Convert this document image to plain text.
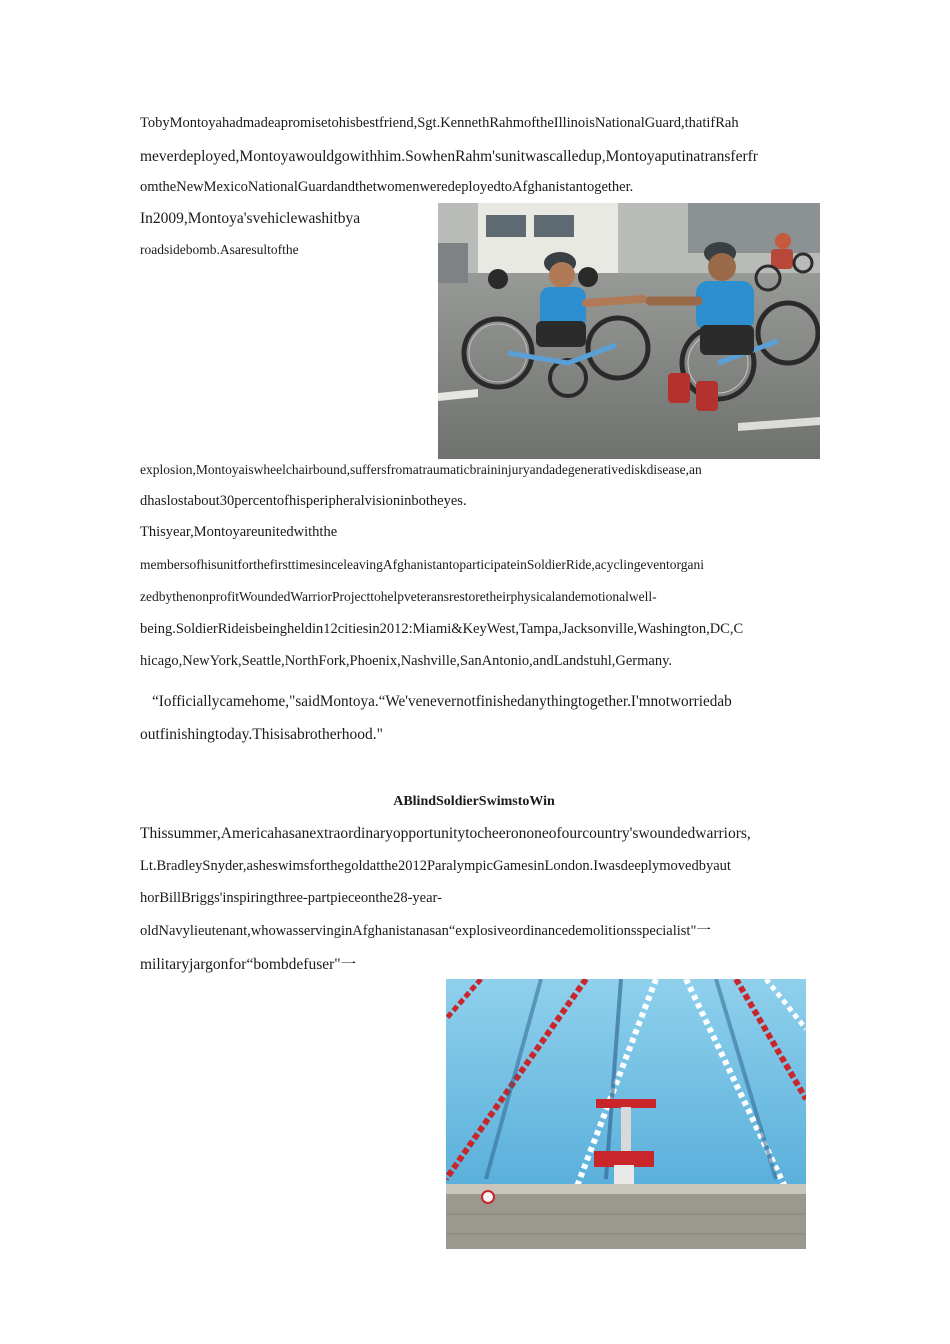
TobyMontoyahadmadeapromisetohisbestfriend,Sgt.KennethRahmoftheIllinoisNationalGuard,thatifRah
meverdeployed,Montoyawouldgowithhim.SowhenRahm'sunitwascalledup,Montoyaputinatransferfr
omtheNewMexicoNationalGuardandthetwomenweredeployedtoAfghanistantogether.
In2009,Montoya'svehiclewashitbya
roadsidebomb.Asaresultofthe
explosion,Montoyaiswheelchairbound,suffersfromatraumaticbraininjuryandadegenerativediskdisease,an
dhaslostabout30percentofhisperipheralvisioninbotheyes.
Thisyear,Montoyareunitedwiththe
membersofhisunitforthefirsttimesinceleavingAfghanistantoparticipateinSoldierRide,acyclingeventorgani
zedbythenonprofitWoundedWarriorProjecttohelpveteransrestoretheirphysicalandemotionalwell-
being.SoldierRideisbeingheldin12citiesin2012:Miami&KeyWest,Tampa,Jacksonville,Washington,DC,C
hicago,NewYork,Seattle,NorthFork,Phoenix,Nashville,SanAntonio,andLandstuhl,Germany.
“Iofficiallycamehome,"saidMontoya.“We'venevernotfinishedanythingtogether.I'mnotworriedab
outfinishingtoday.Thisisabrotherhood."
ABlindSoldierSwimstoWin
Thissummer,Americahasanextraordinaryopportunitytocheerononeofourcountry'swoundedwarriors,
Lt.BradleySnyder,asheswimsforthegoldatthe2012ParalympicGamesinLondon.Iwasdeeplymovedbyaut
horBillBriggs'inspiringthree-partpieceonthe28-year-
oldNavylieutenant,whowasservinginAfghanistanasan“explosiveordinancedemolitionsspecialist"一
militaryjargonfor“bombdefuser"一
